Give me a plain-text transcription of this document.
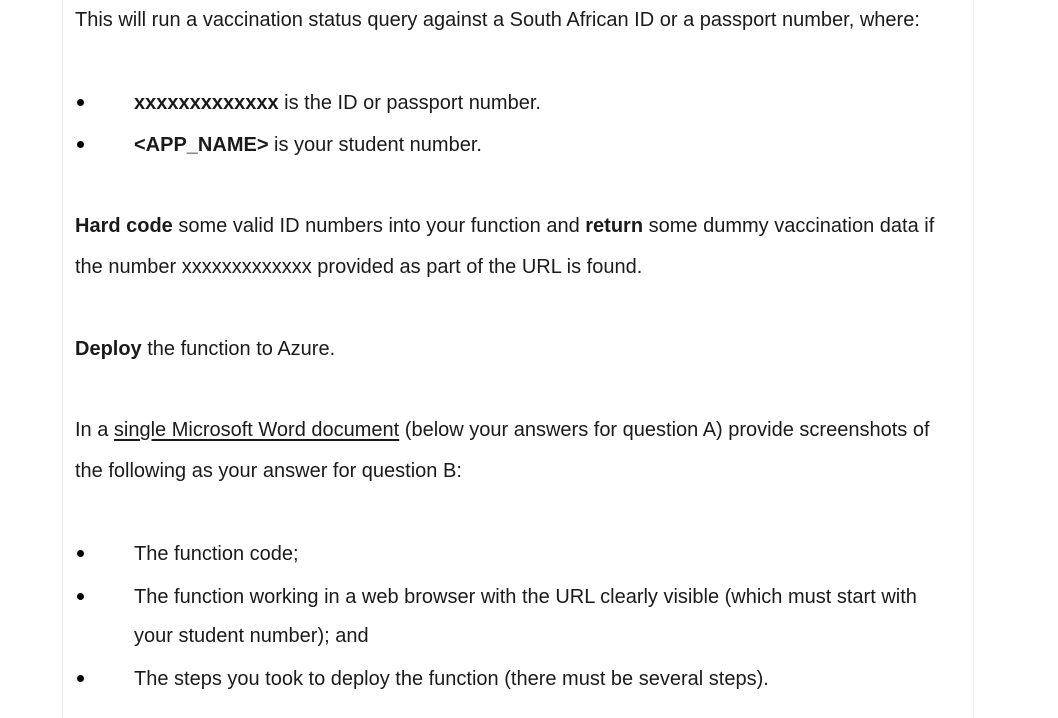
This will run a vaccination status query against a South African ID or a passport number, where:
xxxxxxxxxxxxx is the ID or passport number.
<APP_NAME> is your student number.
Hard code some valid ID numbers into your function and return some dummy vaccination data if
the number xxxxxxxxxxxxx provided as part of the URL is found.
Deploy the function to Azure.
In a single Microsoft Word document (below your answers for question A) provide screenshots of
the following as your answer for question B:
The function code;
The function working in a web browser with the URL clearly visible (which must start with
your student number); and
The steps you took to deploy the function (there must be several steps).
